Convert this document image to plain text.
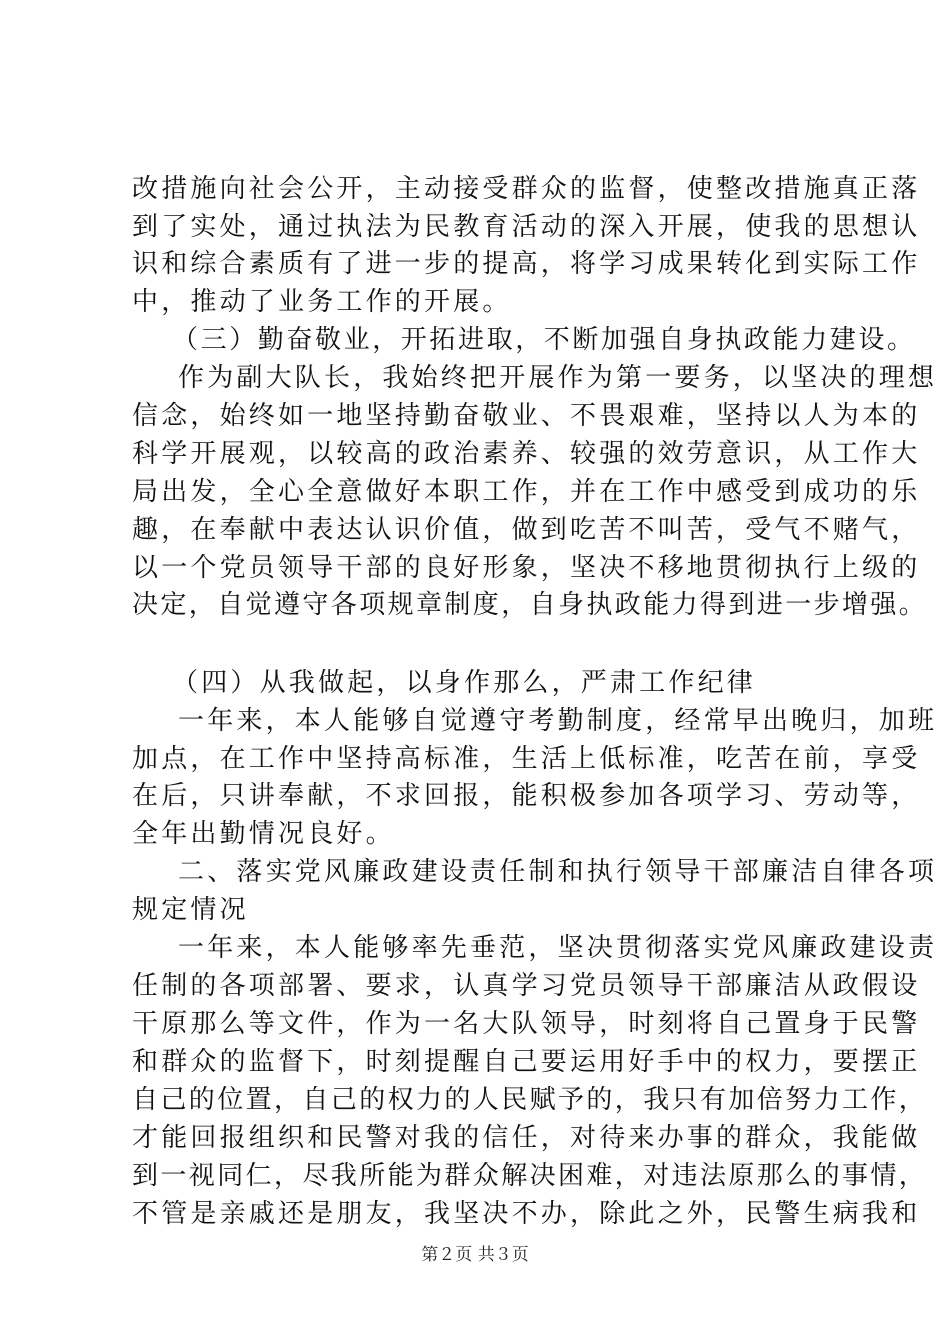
改措施向社会公开，主动接受群众的监督，使整改措施真正落
到了实处，通过执法为民教育活动的深入开展，使我的思想认
识和综合素质有了进一步的提高，将学习成果转化到实际工作
中，推动了业务工作的开展。
（三）勤奋敬业，开拓进取，不断加强自身执政能力建设。
作为副大队长，我始终把开展作为第一要务，以坚决的理想
信念，始终如一地坚持勤奋敬业、不畏艰难，坚持以人为本的
科学开展观，以较高的政治素养、较强的效劳意识，从工作大
局出发，全心全意做好本职工作，并在工作中感受到成功的乐
趣，在奉献中表达认识价值，做到吃苦不叫苦，受气不赌气，
以一个党员领导干部的良好形象，坚决不移地贯彻执行上级的
决定，自觉遵守各项规章制度，自身执政能力得到进一步增强。
（四）从我做起，以身作那么，严肃工作纪律
一年来，本人能够自觉遵守考勤制度，经常早出晚归，加班
加点，在工作中坚持高标准，生活上低标准，吃苦在前，享受
在后，只讲奉献，不求回报，能积极参加各项学习、劳动等，
全年出勤情况良好。
二、落实党风廉政建设责任制和执行领导干部廉洁自律各项
规定情况
一年来，本人能够率先垂范，坚决贯彻落实党风廉政建设责
任制的各项部署、要求，认真学习党员领导干部廉洁从政假设
干原那么等文件，作为一名大队领导，时刻将自己置身于民警
和群众的监督下，时刻提醒自己要运用好手中的权力，要摆正
自己的位置，自己的权力的人民赋予的，我只有加倍努力工作，
才能回报组织和民警对我的信任，对待来办事的群众，我能做
到一视同仁，尽我所能为群众解决困难，对违法原那么的事情，
不管是亲戚还是朋友，我坚决不办，除此之外，民警生病我和
第２页 共３页
